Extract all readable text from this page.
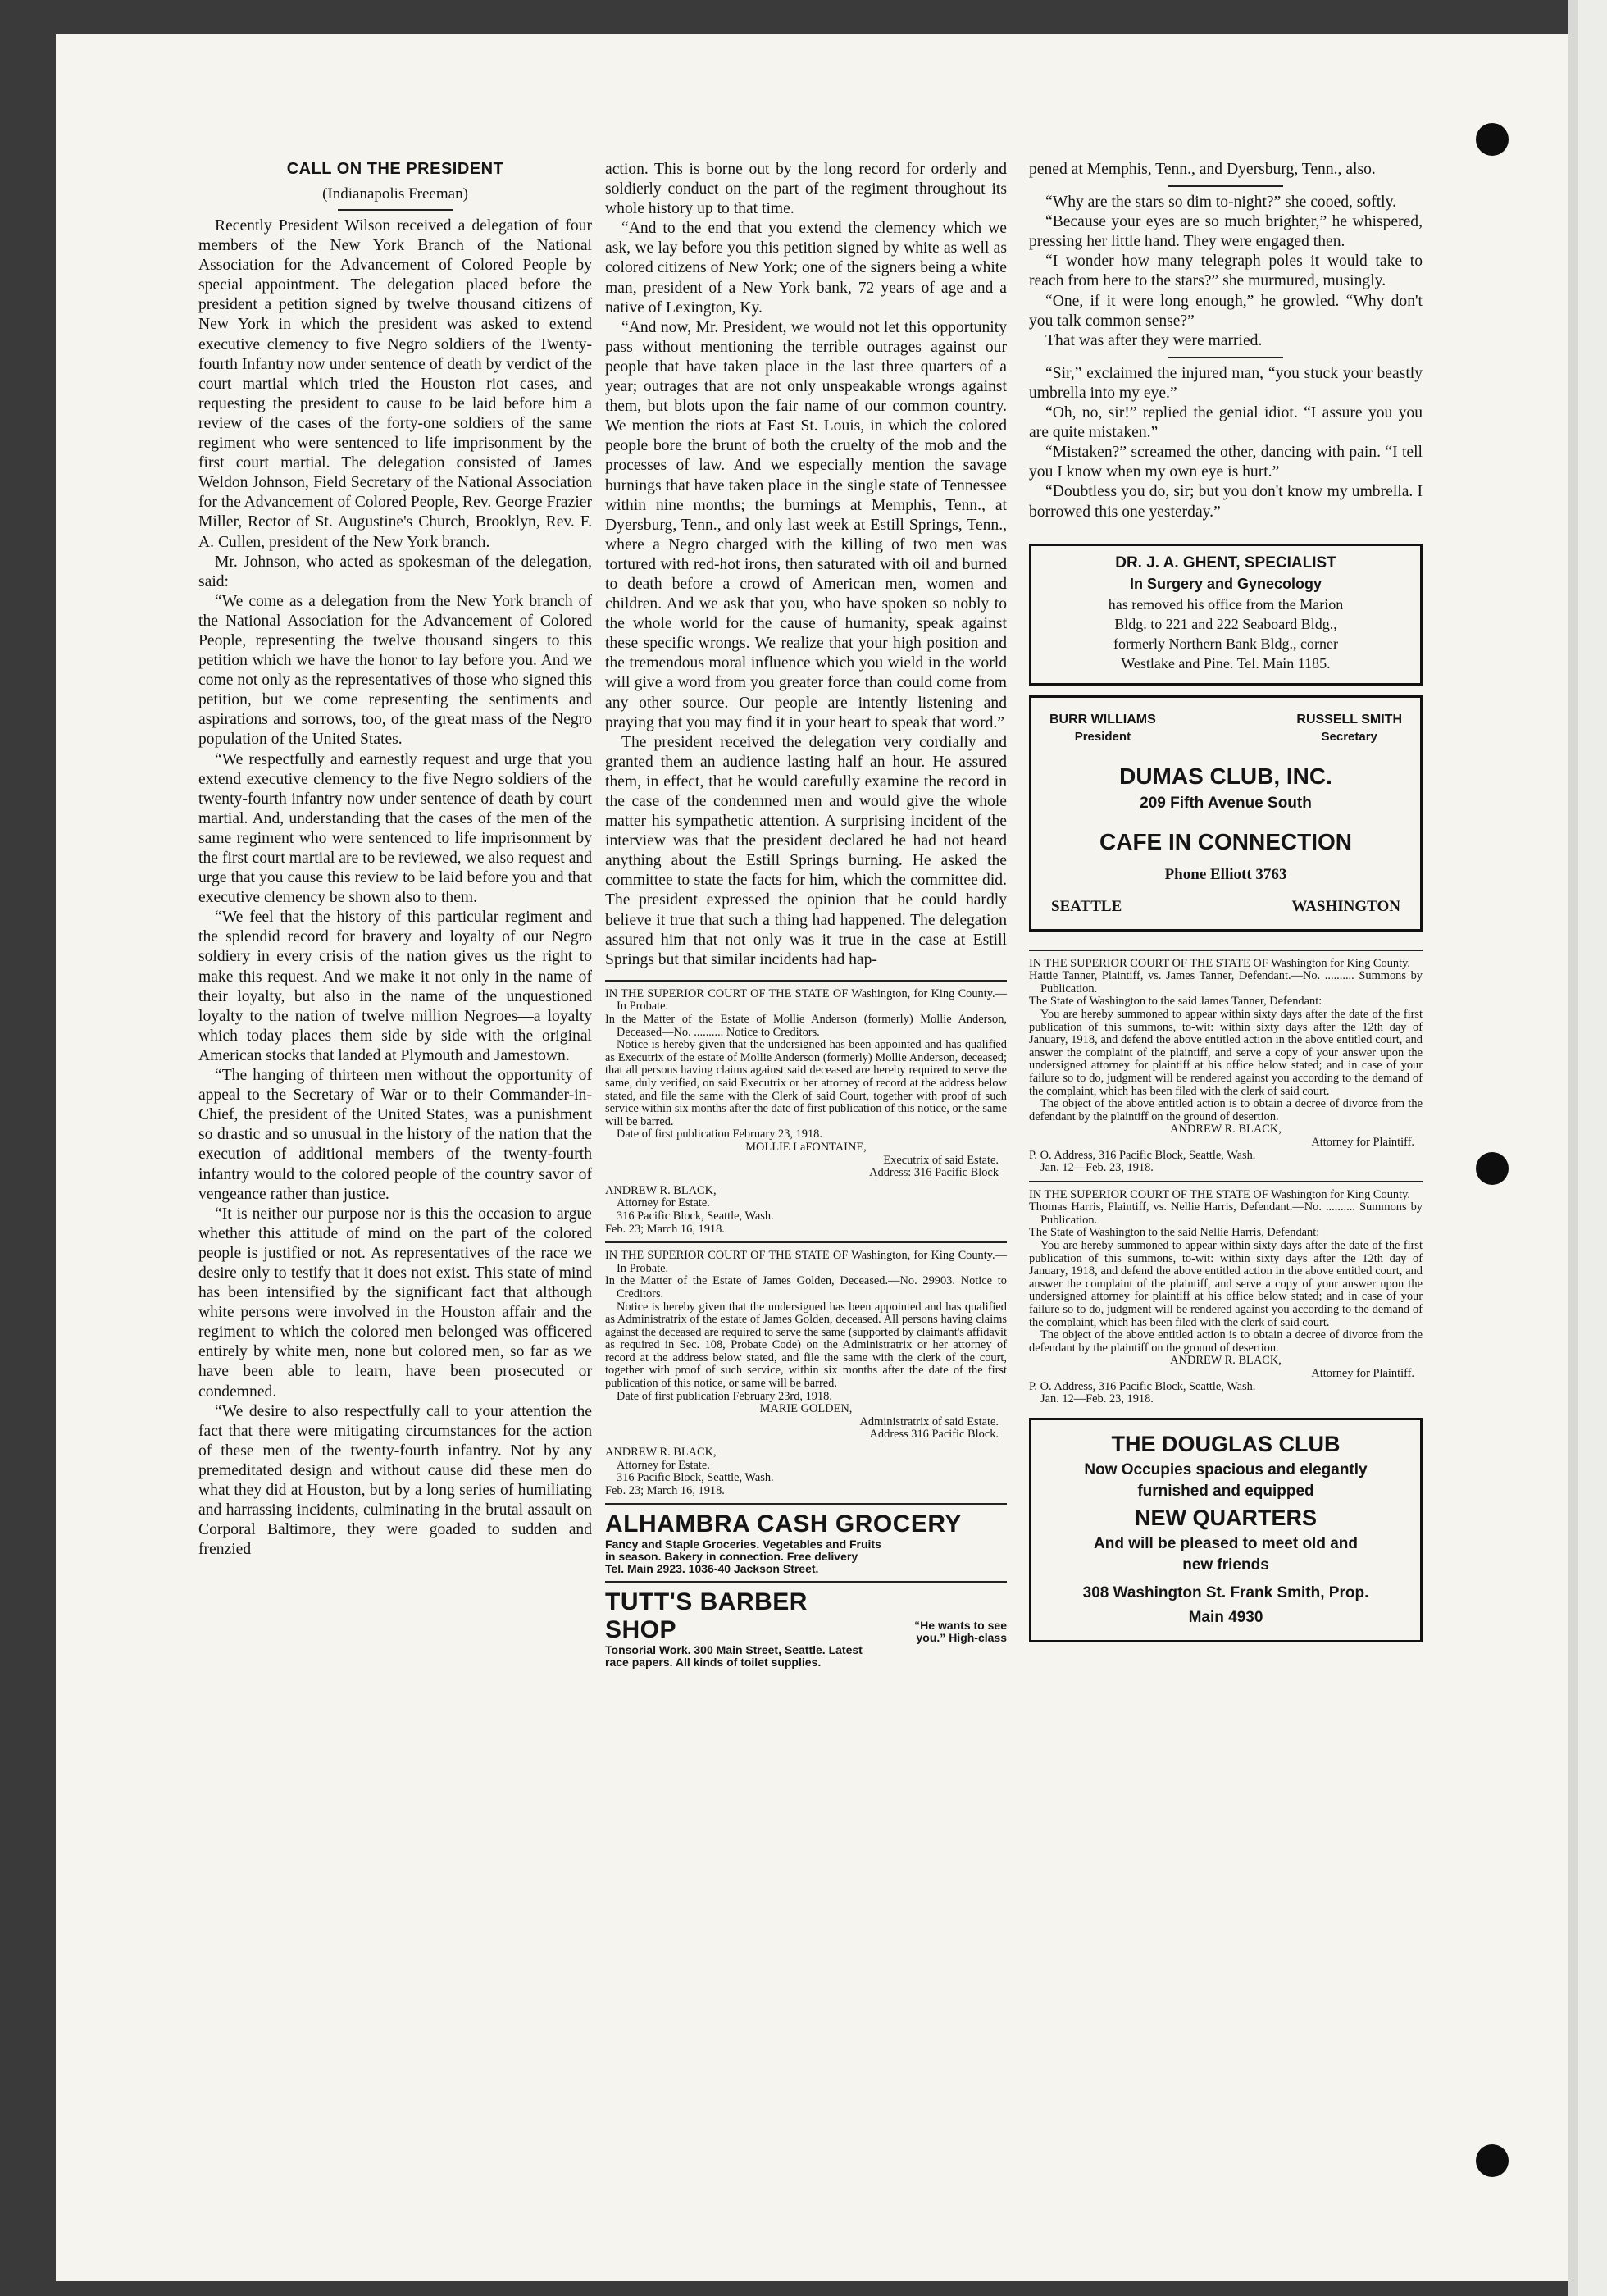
CALL ON THE PRESIDENT
(Indianapolis Freeman)

Recently President Wilson received a delegation of four members of the New York Branch of the National Association for the Advancement of Colored People by special appointment. The delegation placed before the president a petition signed by twelve thousand citizens of New York in which the president was asked to extend executive clemency to five Negro soldiers of the Twenty-fourth Infantry now under sentence of death by verdict of the court martial which tried the Houston riot cases, and requesting the president to cause to be laid before him a review of the cases of the forty-one soldiers of the same regiment who were sentenced to life imprisonment by the first court martial. The delegation consisted of James Weldon Johnson, Field Secretary of the National Association for the Advancement of Colored People, Rev. George Frazier Miller, Rector of St. Augustine's Church, Brooklyn, Rev. F. A. Cullen, president of the New York branch.

Mr. Johnson, who acted as spokesman of the delegation, said:

“We come as a delegation from the New York branch of the National Association for the Advancement of Colored People, representing the twelve thousand singers to this petition which we have the honor to lay before you. And we come not only as the representatives of those who signed this petition, but we come representing the sentiments and aspirations and sorrows, too, of the great mass of the Negro population of the United States.

“We respectfully and earnestly request and urge that you extend executive clemency to the five Negro soldiers of the twenty-fourth infantry now under sentence of death by court martial. And, understanding that the cases of the men of the same regiment who were sentenced to life imprisonment by the first court martial are to be reviewed, we also request and urge that you cause this review to be laid before you and that executive clemency be shown also to them.

“We feel that the history of this particular regiment and the splendid record for bravery and loyalty of our Negro soldiery in every crisis of the nation gives us the right to make this request. And we make it not only in the name of their loyalty, but also in the name of the unquestioned loyalty to the nation of twelve million Negroes—a loyalty which today places them side by side with the original American stocks that landed at Plymouth and Jamestown.

“The hanging of thirteen men without the opportunity of appeal to the Secretary of War or to their Commander-in-Chief, the president of the United States, was a punishment so drastic and so unusual in the history of the nation that the execution of additional members of the twenty-fourth infantry would to the colored people of the country savor of vengeance rather than justice.

“It is neither our purpose nor is this the occasion to argue whether this attitude of mind on the part of the colored people is justified or not. As representatives of the race we desire only to testify that it does not exist. This state of mind has been intensified by the significant fact that although white persons were involved in the Houston affair and the regiment to which the colored men belonged was officered entirely by white men, none but colored men, so far as we have been able to learn, have been prosecuted or condemned.

“We desire to also respectfully call to your attention the fact that there were mitigating circumstances for the action of these men of the twenty-fourth infantry. Not by any premeditated design and without cause did these men do what they did at Houston, but by a long series of humiliating and harrassing incidents, culminating in the brutal assault on Corporal Baltimore, they were goaded to sudden and frenzied

action. This is borne out by the long record for orderly and soldierly conduct on the part of the regiment throughout its whole history up to that time.

“And to the end that you extend the clemency which we ask, we lay before you this petition signed by white as well as colored citizens of New York; one of the signers being a white man, president of a New York bank, 72 years of age and a native of Lexington, Ky.

“And now, Mr. President, we would not let this opportunity pass without mentioning the terrible outrages against our people that have taken place in the last three quarters of a year; outrages that are not only unspeakable wrongs against them, but blots upon the fair name of our common country. We mention the riots at East St. Louis, in which the colored people bore the brunt of both the cruelty of the mob and the processes of law. And we especially mention the savage burnings that have taken place in the single state of Tennessee within nine months; the burnings at Memphis, Tenn., at Dyersburg, Tenn., and only last week at Estill Springs, Tenn., where a Negro charged with the killing of two men was tortured with red-hot irons, then saturated with oil and burned to death before a crowd of American men, women and children. And we ask that you, who have spoken so nobly to the whole world for the cause of humanity, speak against these specific wrongs. We realize that your high position and the tremendous moral influence which you wield in the world will give a word from you greater force than could come from any other source. Our people are intently listening and praying that you may find it in your heart to speak that word.”

The president received the delegation very cordially and granted them an audience lasting half an hour. He assured them, in effect, that he would carefully examine the record in the case of the condemned men and would give the whole matter his sympathetic attention. A surprising incident of the interview was that the president declared he had not heard anything about the Estill Springs burning. He asked the committee to state the facts for him, which the committee did. The president expressed the opinion that he could hardly believe it true that such a thing had happened. The delegation assured him that not only was it true in the case at Estill Springs but that similar incidents had hap-

IN THE SUPERIOR COURT OF THE STATE OF Washington, for King County.—In Probate.

In the Matter of the Estate of Mollie Anderson (formerly) Mollie Anderson, Deceased—No. .......... Notice to Creditors.

Notice is hereby given that the undersigned has been appointed and has qualified as Executrix of the estate of Mollie Anderson (formerly) Mollie Anderson, deceased; that all persons having claims against said deceased are hereby required to serve the same, duly verified, on said Executrix or her attorney of record at the address below stated, and file the same with the Clerk of said Court, together with proof of such service within six months after the date of first publication of this notice, or the same will be barred.

Date of first publication February 23, 1918.

MOLLIE LaFONTAINE,

Executrix of said Estate.

Address: 316 Pacific Block

ANDREW R. BLACK,

Attorney for Estate.

316 Pacific Block, Seattle, Wash.

Feb. 23; March 16, 1918.

IN THE SUPERIOR COURT OF THE STATE OF Washington, for King County.—In Probate.

In the Matter of the Estate of James Golden, Deceased.—No. 29903. Notice to Creditors.

Notice is hereby given that the undersigned has been appointed and has qualified as Administratrix of the estate of James Golden, deceased. All persons having claims against the deceased are required to serve the same (supported by claimant's affidavit as required in Sec. 108, Probate Code) on the Administratrix or her attorney of record at the address below stated, and file the same with the clerk of the court, together with proof of such service, within six months after the date of the first publication of this notice, or same will be barred.

Date of first publication February 23rd, 1918.

MARIE GOLDEN,

Administratrix of said Estate.

Address 316 Pacific Block.

ANDREW R. BLACK,

Attorney for Estate.

316 Pacific Block, Seattle, Wash.

Feb. 23; March 16, 1918.

ALHAMBRA CASH GROCERY
Fancy and Staple Groceries. Vegetables and Fruits
in season. Bakery in connection. Free delivery
Tel. Main 2923. 1036-40 Jackson Street.
TUTT'S BARBER SHOP	“He wants to see you.” High-class
Tonsorial Work. 300 Main Street, Seattle. Latest
race papers. All kinds of toilet supplies.

pened at Memphis, Tenn., and Dyersburg, Tenn., also.

“Why are the stars so dim to-night?” she cooed, softly.

“Because your eyes are so much brighter,” he whispered, pressing her little hand. They were engaged then.

“I wonder how many telegraph poles it would take to reach from here to the stars?” she murmured, musingly.

“One, if it were long enough,” he growled. “Why don't you talk common sense?”

That was after they were married.

“Sir,” exclaimed the injured man, “you stuck your beastly umbrella into my eye.”

“Oh, no, sir!” replied the genial idiot. “I assure you you are quite mistaken.”

“Mistaken?” screamed the other, dancing with pain. “I tell you I know when my own eye is hurt.”

“Doubtless you do, sir; but you don't know my umbrella. I borrowed this one yesterday.”

DR. J. A. GHENT, SPECIALIST

In Surgery and Gynecology

has removed his office from the Marion

Bldg. to 221 and 222 Seaboard Bldg.,

formerly Northern Bank Bldg., corner

Westlake and Pine. Tel. Main 1185.

BURR WILLIAMS

President

RUSSELL SMITH

Secretary

DUMAS CLUB, INC.

209 Fifth Avenue South

CAFE IN CONNECTION

Phone Elliott 3763

SEATTLE	WASHINGTON

IN THE SUPERIOR COURT OF THE STATE OF Washington for King County.

Hattie Tanner, Plaintiff, vs. James Tanner, Defendant.—No. .......... Summons by Publication.

The State of Washington to the said James Tanner, Defendant:

You are hereby summoned to appear within sixty days after the date of the first publication of this summons, to-wit: within sixty days after the 12th day of January, 1918, and defend the above entitled action in the above entitled court, and answer the complaint of the plaintiff, and serve a copy of your answer upon the undersigned attorney for plaintiff at his office below stated; and in case of your failure so to do, judgment will be rendered against you according to the demand of the complaint, which has been filed with the clerk of said court.

The object of the above entitled action is to obtain a decree of divorce from the defendant by the plaintiff on the ground of desertion.

ANDREW R. BLACK,

Attorney for Plaintiff.

P. O. Address, 316 Pacific Block, Seattle, Wash.

Jan. 12—Feb. 23, 1918.

IN THE SUPERIOR COURT OF THE STATE OF Washington for King County.

Thomas Harris, Plaintiff, vs. Nellie Harris, Defendant.—No. .......... Summons by Publication.

The State of Washington to the said Nellie Harris, Defendant:

You are hereby summoned to appear within sixty days after the date of the first publication of this summons, to-wit: within sixty days after the 12th day of January, 1918, and defend the above entitled action in the above entitled court, and answer the complaint of the plaintiff, and serve a copy of your answer upon the undersigned attorney for plaintiff at his office below stated; and in case of your failure so to do, judgment will be rendered against you according to the demand of the complaint, which has been filed with the clerk of said court.

The object of the above entitled action is to obtain a decree of divorce from the defendant by the plaintiff on the ground of desertion.

ANDREW R. BLACK,

Attorney for Plaintiff.

P. O. Address, 316 Pacific Block, Seattle, Wash.

Jan. 12—Feb. 23, 1918.

THE DOUGLAS CLUB

Now Occupies spacious and elegantly

furnished and equipped

NEW QUARTERS

And will be pleased to meet old and

new friends

308 Washington St. Frank Smith, Prop.

Main 4930
